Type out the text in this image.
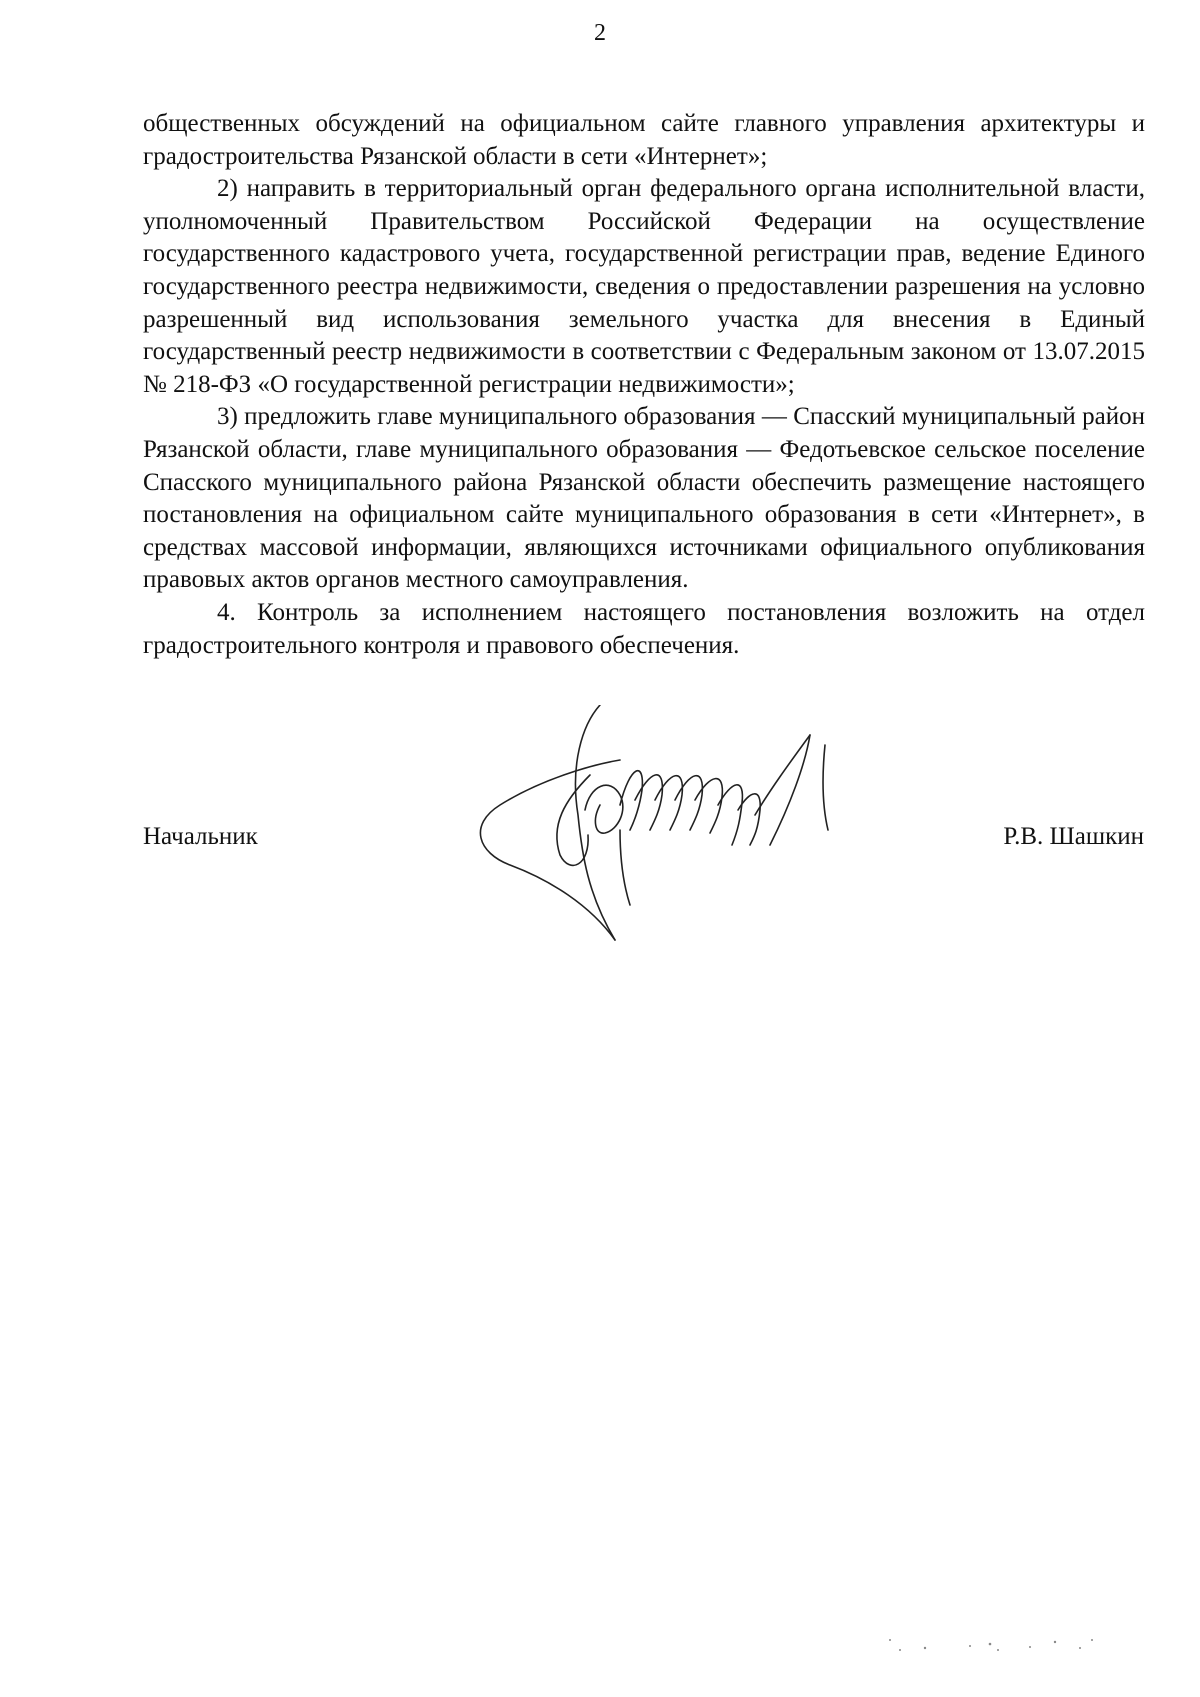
2

общественных обсуждений на официальном сайте главного управления архитектуры и градостроительства Рязанской области в сети «Интернет»;

2) направить в территориальный орган федерального органа исполнительной власти, уполномоченный Правительством Российской Федерации на осуществление государственного кадастрового учета, государственной регистрации прав, ведение Единого государственного реестра недвижимости, сведения о предоставлении разрешения на условно разрешенный вид использования земельного участка для внесения в Единый государственный реестр недвижимости в соответствии с Федеральным законом от 13.07.2015 № 218-ФЗ «О государственной регистрации недвижимости»;

3) предложить главе муниципального образования — Спасский муниципальный район Рязанской области, главе муниципального образования — Федотьевское сельское поселение Спасского муниципального района Рязанской области обеспечить размещение настоящего постановления на официальном сайте муниципального образования в сети «Интернет», в средствах массовой информации, являющихся источниками официального опубликования правовых актов органов местного самоуправления.

4. Контроль за исполнением настоящего постановления возложить на отдел градостроительного контроля и правового обеспечения.

Начальник	Р.В. Шашкин
